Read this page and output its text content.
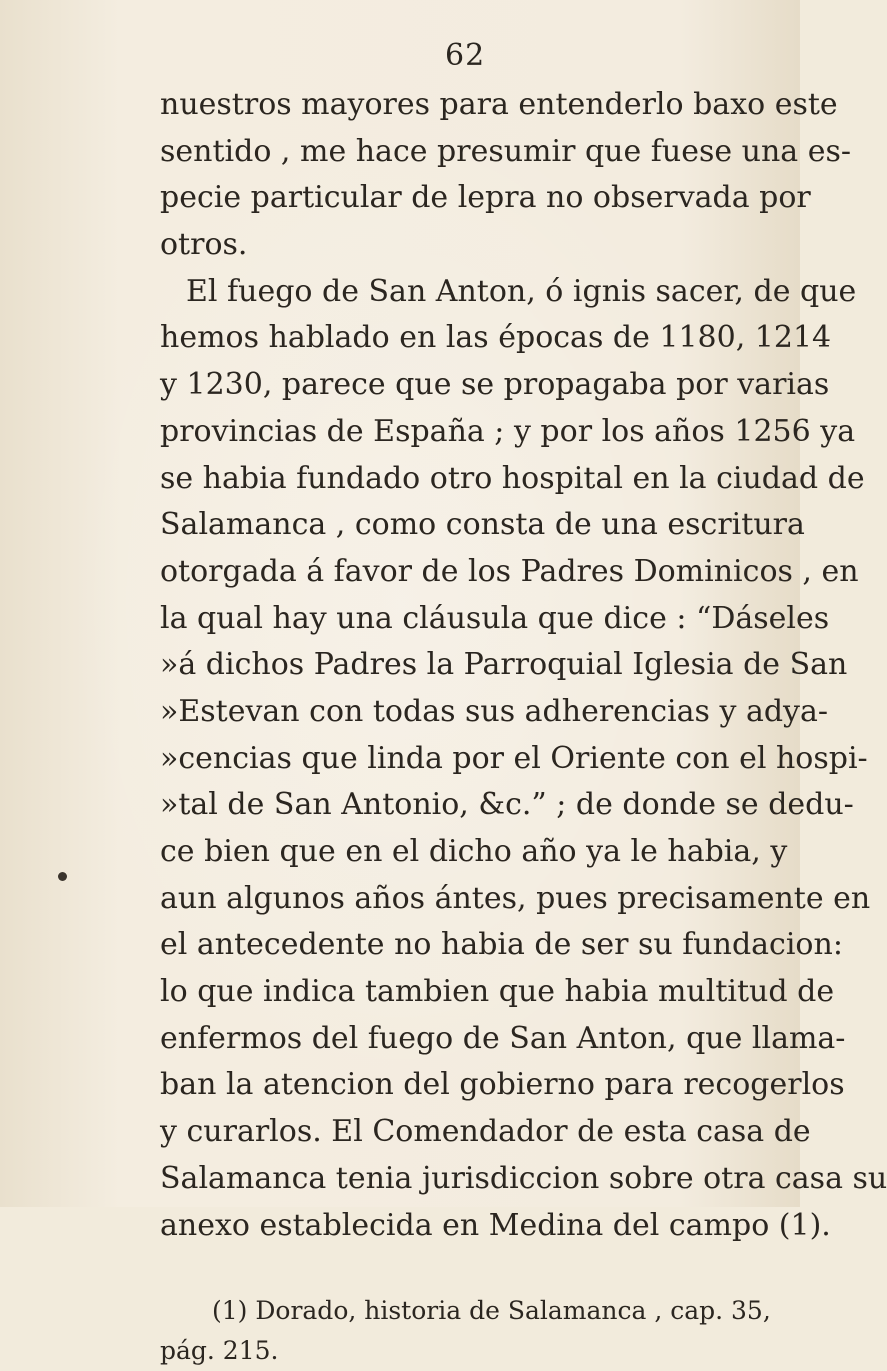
62
nuestros mayores para entenderlo baxo este
sentido , me hace presumir que fuese una es-
pecie particular de lepra no observada por
otros.
El fuego de San Anton, ó ignis sacer, de que
hemos hablado en las épocas de 1180, 1214
y 1230, parece que se propagaba por varias
provincias de España ; y por los años 1256 ya
se habia fundado otro hospital en la ciudad de
Salamanca , como consta de una escritura
otorgada á favor de los Padres Dominicos , en
la qual hay una cláusula que dice : “Dáseles
»á dichos Padres la Parroquial Iglesia de San
»Estevan con todas sus adherencias y adya-
»cencias que linda por el Oriente con el hospi-
»tal de San Antonio, &c.” ; de donde se dedu-
ce bien que en el dicho año ya le habia, y
aun algunos años ántes, pues precisamente en
el antecedente no habia de ser su fundacion:
lo que indica tambien que habia multitud de
enfermos del fuego de San Anton, que llama-
ban la atencion del gobierno para recogerlos
y curarlos. El Comendador de esta casa de
Salamanca tenia jurisdiccion sobre otra casa su
anexo establecida en Medina del campo (1).
(1) Dorado, historia de Salamanca , cap. 35,
pág. 215.
